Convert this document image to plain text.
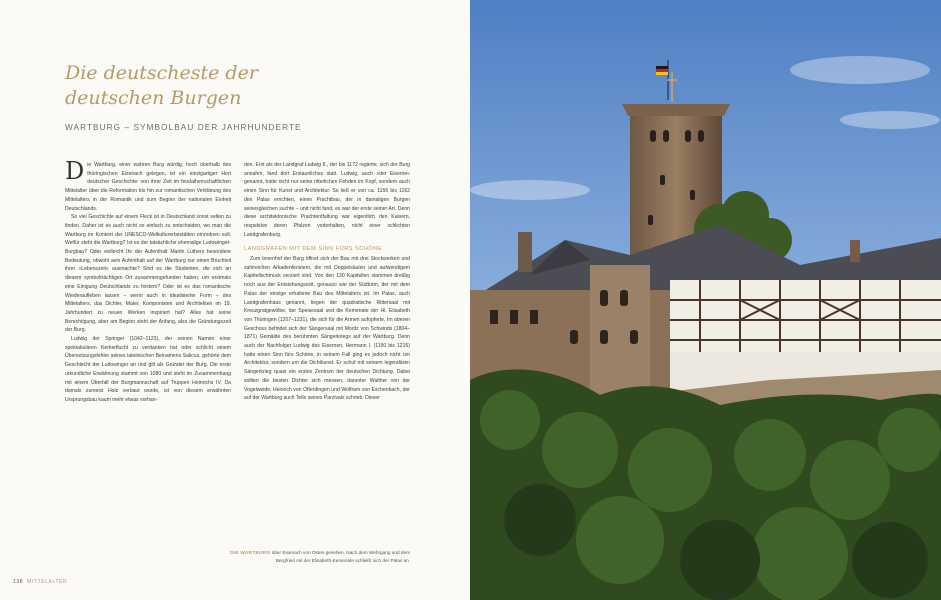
Die deutscheste der
deutschen Burgen
WARTBURG – SYMBOLBAU DER JAHRHUNDERTE

Die Wartburg, einer wahren Burg würdig, hoch oberhalb des thüringischen Eisenach gelegen, ist ein einzigartiger Hort deutscher Geschichte: von ihrer Zeit im feudalherrschaftlichen Mittelalter über die Reformation bis hin zur romantischen Verklärung des Mittelalters in der Romantik und zum Beginn der nationalen Einheit Deutschlands.

So viel Geschichte auf einem Fleck ist in Deutschland sonst selten zu finden. Daher ist es auch nicht so einfach zu entscheiden, wo man die Wartburg im Kontext der UNESCO-Welkulturerbestätten einordnen soll. Welfür steht die Wartburg? Ist es der tatsächliche ehemalige Ludowinger-Burgbau? Oder vielleicht Ihr der Aufenthalt Martin Luthers besondere Bedeutung, obwohl sein Aufenthalt auf der Wartburg nur einen Bruchteil ihrer »Lebenszeit« ausmachte? Sind es die Studenten, die sich an diesem symbolträchtigen Ort zusammengefunden haben, um erstmals eine Einigung Deutschlands zu fordern? Oder ist es das romantische Wiederaufleben lassen – wenn auch in idealisierter Form – des Mittelalters, das Dichter, Maler, Komponisten und Architekten im 19. Jahrhundert zu neuen Werken inspiriert hat? Alles hat seine Berechtigung, aber am Beginn steht der Anfang, also die Gründungszeit der Burg.

Ludwig der Springer (1042–1123), der seinen Namen einer spektakulären Kerkerflucht zu verdanken hat oder schlicht einem Übersetzungsfehler seines lateinischen Beinamens Salicus, gehörte dem Geschlecht der Ludowinger an und gilt als Gründer der Burg. Die erste urkundliche Erwähnung stammt von 1080 und steht im Zusammenhang mit einem Überfall der Burgmannschaft auf Truppen Heinrichs IV. Da damals zumeist Holz verbaut wurde, ist von diesem erwähnten Ursprungsbau kaum mehr etwas vorhan-

den. Erst als der Landgraf Ludwig II., der bis 1172 regierte, sich der Burg annahm, fand dort Erstaunliches statt. Ludwig, auch »der Eiserne« genannt, hatte nicht nur seine ritterlichen Fehden im Kopf, sondern auch einen Sinn für Kunst und Architektur. So ließ er von ca. 1156 bis 1162 den Palas errichten, einen Prachtbau, der in damaligen Burgen seinesgleichen suchte – und nicht fand, es war der erste seiner Art. Denn diese architektonische Prachtentfaltung war eigentlich den Kaisern, respektive deren Pfalzen vorbehalten, nicht einer schlichten Landgrafenburg.

LANDGRAFEN MIT DEM SINN FÜRS SCHÖNE

Zum Innenhof der Burg öffnet sich der Bau mit drei Stockwerken und zahlreichen Arkadenfenstern, die mit Doppelsäulen und aufwendigem Kapitellschmuck verziert sind. Von den 130 Kapitellen stammen dreißig noch aus der Entstehungszeit, genauso wie der Südturm, der mit dem Palas der einzige erhaltene Bau des Mittelalters ist. Im Palas, auch Landgrafenhaus genannt, liegen der quadratische Rittersaal mit Kreuzgratgewölbe, der Speisesaal und die Kemenate der Hl. Elisabeth von Thüringen (1207–1231), die sich für die Armen aufopferte. Im oberen Geschoss befindet sich der Sängersaal mit Moritz von Schwinds (1804–1871) Gemälde des berühmten Sängerkriegs auf der Wartburg. Denn auch der Nachfolger Ludwig des Eisernen, Hermann I. (1190 bis 1216) hatte einen Sinn fürs Schöne, in seinem Fall ging es jedoch nicht um Architektur, sondern um die Dichtkunst. Er schuf mit seinem legendären Sängerkrieg quasi ein erstes Zentrum der deutschen Dichtung. Dabei sollten die besten Dichter sich messen, darunter Walther von der Vogelweide, Heinrich von Ofterdingen und Wolfram von Eschenbach, der auf der Wartburg auch Teile seines Parzivals schrieb. Dieser

DIE WARTBURG über Eisenach von Osten gesehen. Nach dem Wehrgang und dem
Bergfried mit der Elisabeth-Kemenate schließt sich der Palas an.
138 MITTELALTER
